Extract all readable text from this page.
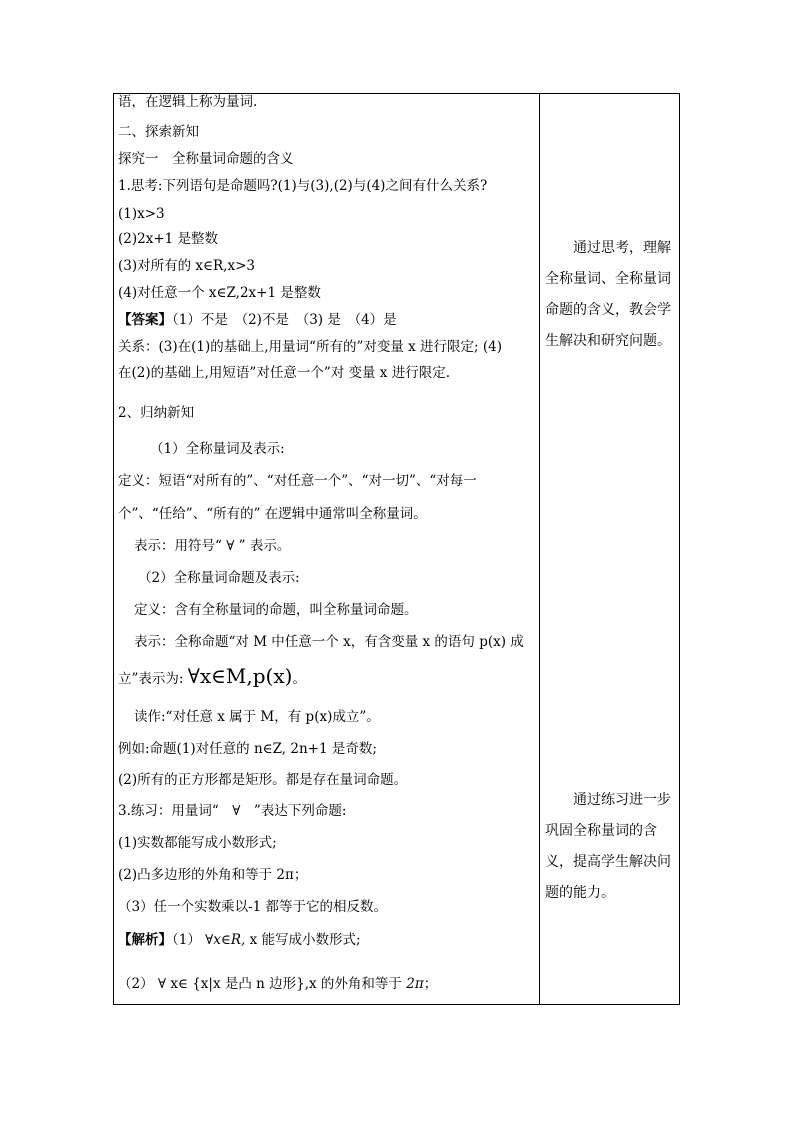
语，在逻辑上称为量词.
二、探索新知
探究一　全称量词命题的含义
1.思考:下列语句是命题吗?(1)与(3),(2)与(4)之间有什么关系?
(1)x>3
(2)2x+1 是整数
(3)对所有的 x∈R,x>3
(4)对任意一个 x∈Z,2x+1 是整数
【答案】（1）不是　（2)不是　（3) 是　（4）是
关系：(3)在(1)的基础上,用量词“所有的”对变量 x 进行限定; (4)
在(2)的基础上,用短语”对任意一个”对 变量 x 进行限定.
2、归纳新知
（1）全称量词及表示:
定义：短语“对所有的”、“对任意一个”、“对一切”、“对每一
个”、“任给”、“所有的” 在逻辑中通常叫全称量词。
表示：用符号“ ∀ ” 表示。
（2）全称量词命题及表示:
定义：含有全称量词的命题，叫全称量词命题。
表示：全称命题“对 M 中任意一个 x，有含变量 x 的语句 p(x) 成
立”表示为: ∀x∈M,p(x)。
读作:“对任意 x 属于 M，有 p(x)成立”。
例如:命题(1)对任意的 n∈Z, 2n+1 是奇数;
(2)所有的正方形都是矩形。都是存在量词命题。
3.练习：用量词“　∀　”表达下列命题:
(1)实数都能写成小数形式;
(2)凸多边形的外角和等于 2π；
（3）任一个实数乘以-1 都等于它的相反数。
【解析】（1） ∀x∈R, x 能写成小数形式;
（2） ∀ x∈ {x|x 是凸 n 边形},x 的外角和等于 2π；
通过思考，理解
全称量词、全称量词
命题的含义，教会学
生解决和研究问题。
通过练习进一步
巩固全称量词的含
义，提高学生解决问
题的能力。
